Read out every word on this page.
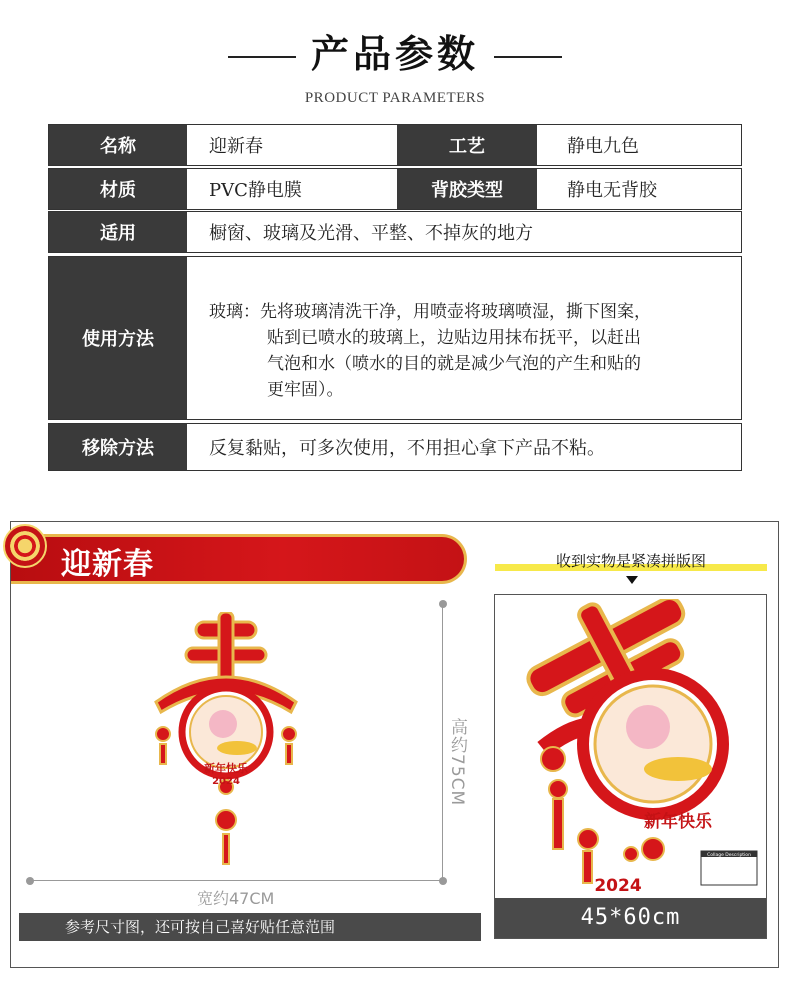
产品参数
PRODUCT PARAMETERS
名称	迎新春	工艺	静电九色
材质	PVC静电膜	背胶类型	静电无背胶
适用	橱窗、玻璃及光滑、平整、不掉灰的地方
使用方法
玻璃：先将玻璃清洗干净，用喷壶将玻璃喷湿，撕下图案，
贴到已喷水的玻璃上，边贴边用抹布抚平，以赶出
气泡和水（喷水的目的就是减少气泡的产生和贴的
更牢固）。
移除方法	反复黏贴，可多次使用，不用担心拿下产品不粘。
迎新春	收到实物是紧凑拼版图
新年快乐
2024	高约75CM
宽约47CM
参考尺寸图，还可按自己喜好贴任意范围
新年快乐
2024
Collage Description
45*60cm
